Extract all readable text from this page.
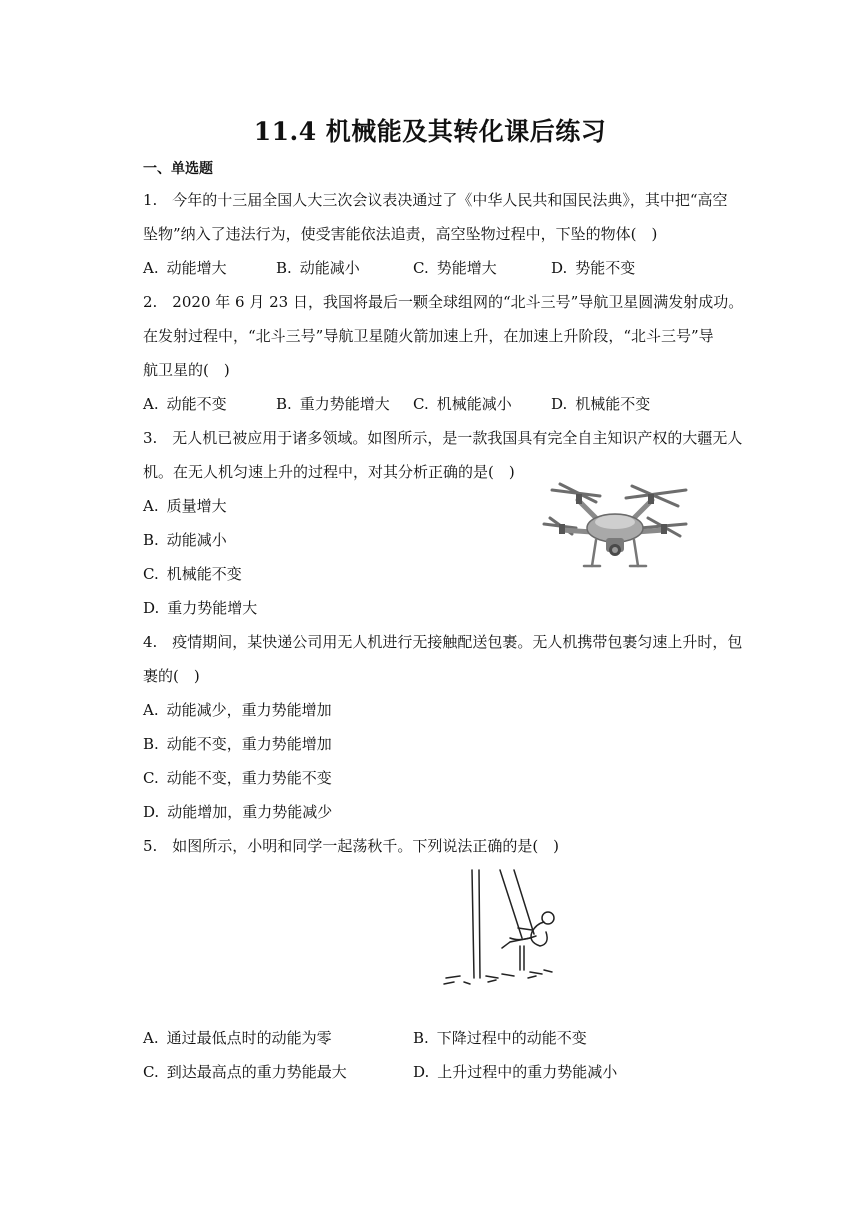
11.4 机械能及其转化课后练习
一、单选题
1.　今年的十三届全国人大三次会议表决通过了《中华人民共和国民法典》，其中把“高空
坠物”纳入了违法行为，使受害能依法追责，高空坠物过程中，下坠的物体(　)
A. 动能增大	B. 动能减小	C. 势能增大	D. 势能不变
2.　2020 年 6 月 23 日，我国将最后一颗全球组网的“北斗三号”导航卫星圆满发射成功。
在发射过程中，“北斗三号”导航卫星随火箭加速上升，在加速上升阶段，“北斗三号”导
航卫星的(　)
A. 动能不变	B. 重力势能增大 C. 机械能减小	D. 机械能不变
3.　无人机已被应用于诸多领域。如图所示，是一款我国具有完全自主知识产权的大疆无人
机。在无人机匀速上升的过程中，对其分析正确的是(　)
A. 质量增大
B. 动能减小
C. 机械能不变
D. 重力势能增大
4.　疫情期间，某快递公司用无人机进行无接触配送包裹。无人机携带包裹匀速上升时，包
裹的(　)
A. 动能减少，重力势能增加
B. 动能不变，重力势能增加
C. 动能不变，重力势能不变
D. 动能增加，重力势能减少
5.　如图所示，小明和同学一起荡秋千。下列说法正确的是(　)
A. 通过最低点时的动能为零	B. 下降过程中的动能不变
C. 到达最高点的重力势能最大	D. 上升过程中的重力势能减小
